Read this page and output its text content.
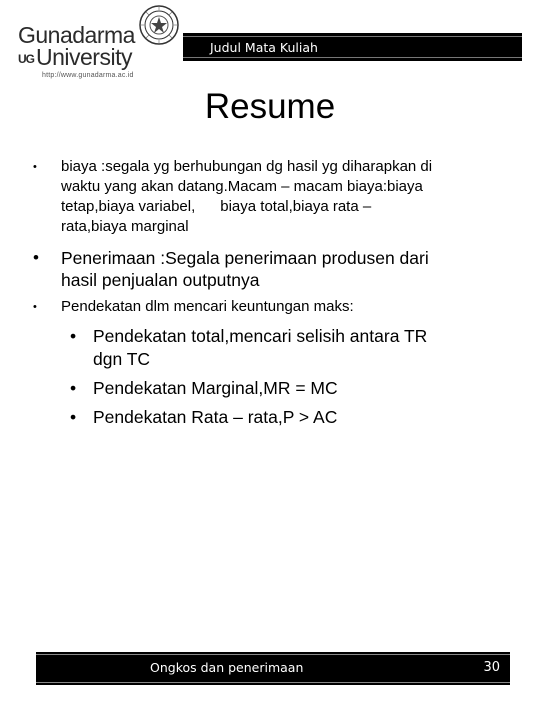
Gunadarma
UG University
http://www.gunadarma.ac.id
Judul Mata Kuliah
Resume
• biaya :segala yg berhubungan dg hasil yg diharapkan di
waktu yang akan datang.Macam – macam biaya:biaya
tetap,biaya variabel,      biaya total,biaya rata –
rata,biaya marginal
• Penerimaan :Segala penerimaan produsen dari
hasil penjualan outputnya
• Pendekatan dlm mencari keuntungan maks:
• Pendekatan total,mencari selisih antara TR
dgn TC
• Pendekatan Marginal,MR = MC
• Pendekatan Rata – rata,P > AC
Ongkos dan penerimaan	30
